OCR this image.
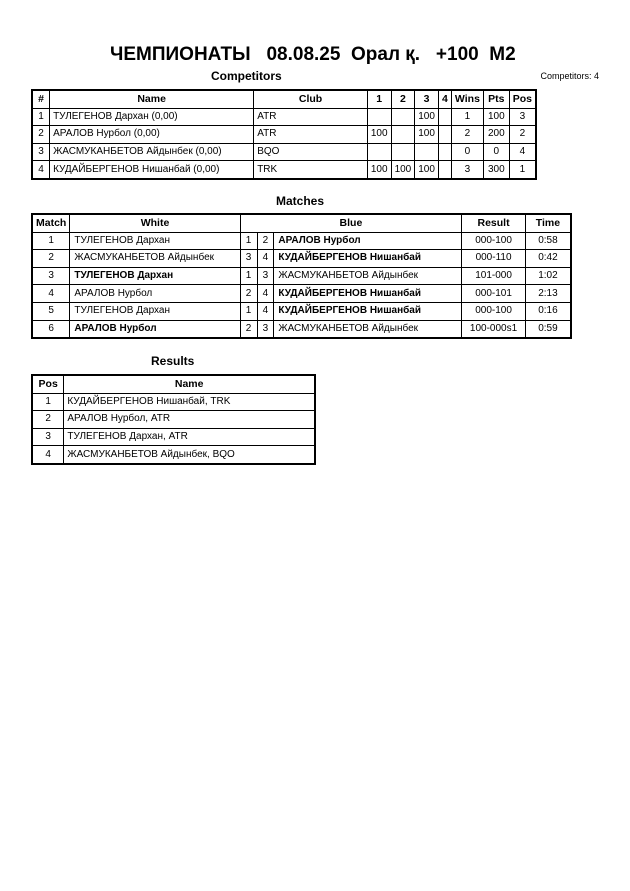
ЧЕМПИОНАТЫ   08.08.25  Орал қ.   +100  M2
Competitors	Competitors: 4
#	Name	Club	1	2	3	4	Wins	Pts	Pos
1	ТУЛЕГЕНОВ Дархан (0,00)	ATR			100		1	100	3
2	АРАЛОВ Нурбол (0,00)	ATR	100		100		2	200	2
3	ЖАСМУКАНБЕТОВ Айдынбек (0,00)	BQO					0	0	4
4	КУДАЙБЕРГЕНОВ Нишанбай (0,00)	TRK	100	100	100		3	300	1
Matches
Match	White	Blue			Result	Time
1	ТУЛЕГЕНОВ Дархан	1	2	АРАЛОВ Нурбол	000-100	0:58
2	ЖАСМУКАНБЕТОВ Айдынбек	3	4	КУДАЙБЕРГЕНОВ Нишанбай	000-110	0:42
3	ТУЛЕГЕНОВ Дархан	1	3	ЖАСМУКАНБЕТОВ Айдынбек	101-000	1:02
4	АРАЛОВ Нурбол	2	4	КУДАЙБЕРГЕНОВ Нишанбай	000-101	2:13
5	ТУЛЕГЕНОВ Дархан	1	4	КУДАЙБЕРГЕНОВ Нишанбай	000-100	0:16
6	АРАЛОВ Нурбол	2	3	ЖАСМУКАНБЕТОВ Айдынбек	100-000s1	0:59
Results
Pos	Name
1	КУДАЙБЕРГЕНОВ Нишанбай, TRK
2	АРАЛОВ Нурбол, ATR
3	ТУЛЕГЕНОВ Дархан, ATR
4	ЖАСМУКАНБЕТОВ Айдынбек, BQO
